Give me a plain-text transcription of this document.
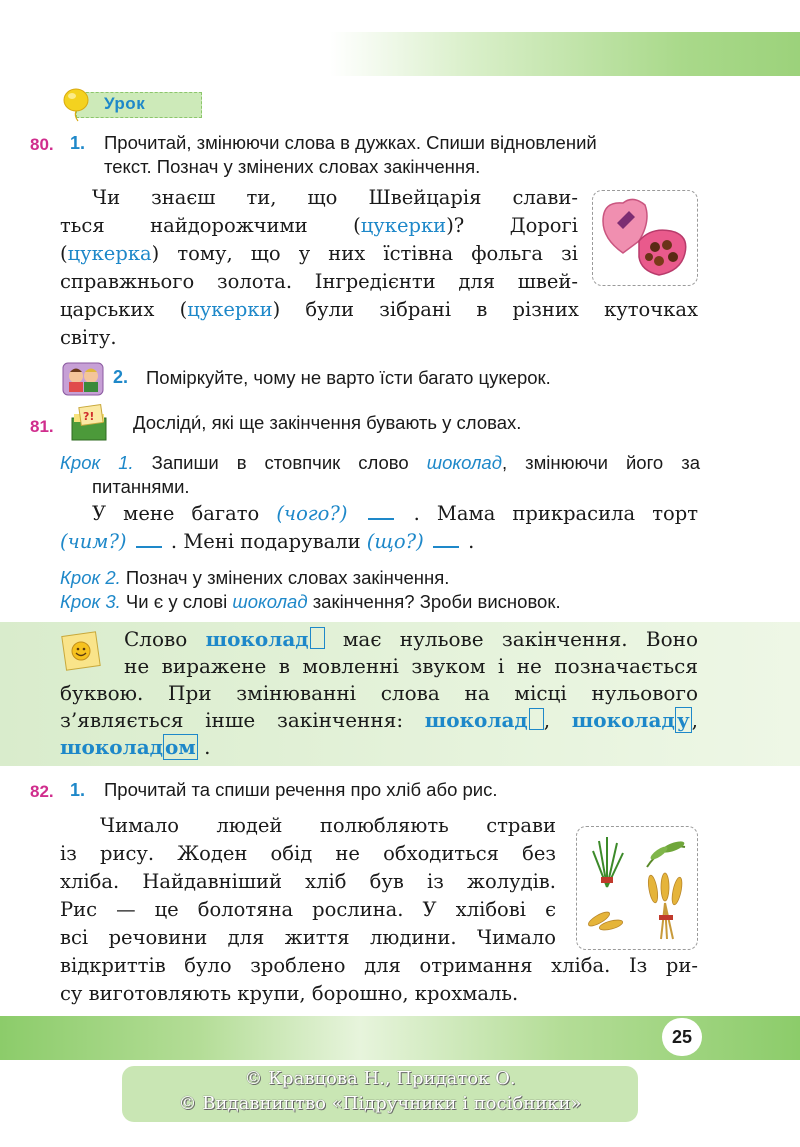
Урок
80. 1. Прочитай, змінюючи слова в дужках. Спиши відновлений
текст. Познач у змінених словах закінчення.
Чи знаєш ти, що Швейцарія слави-
ться найдорожчими (цукерки)? Дорогі
(цукерка) тому, що у них їстівна фольга зі
справжнього золота. Інгредієнти для швей-
царських (цукерки) були зібрані в різних куточках
світу.
2. Поміркуйте, чому не варто їсти багато цукерок.
81.
?! Досліди́, які ще закінчення бувають у словах.
Крок 1. Запиши в стовпчик слово шоколад, змінюючи його за
питаннями.
У мене багато (чого?)	. Мама прикрасила торт
(чим?)  . Мені подарували (що?)  .
Крок 2. Познач у змінених словах закінчення.
Крок 3. Чи є у слові шоколад закінчення? Зроби висновок.
Слово шоколад має нульове закінчення. Воно
не виражене в мовленні звуком і не позначається
буквою. При змінюванні слова на місці нульового
з’являється інше закінчення: шоколад , шоколад у ,
шоколад ом .
82. 1. Прочитай та спиши речення про хліб або рис.
Чималo людей полюбляють страви
із рису. Жоден обід не обходиться без
хліба. Найдавніший хліб був із жолудів.
Рис — це болотяна рослина. У хлібові є
всі речовини для життя людини. Чимало
відкриттів було зроблено для отримання хліба. Із ри-
су виготовляють крупи, борошно, крохмаль.
25
© Кравцова Н., Придаток О.
© Видавництво «Підручники і посібники»
